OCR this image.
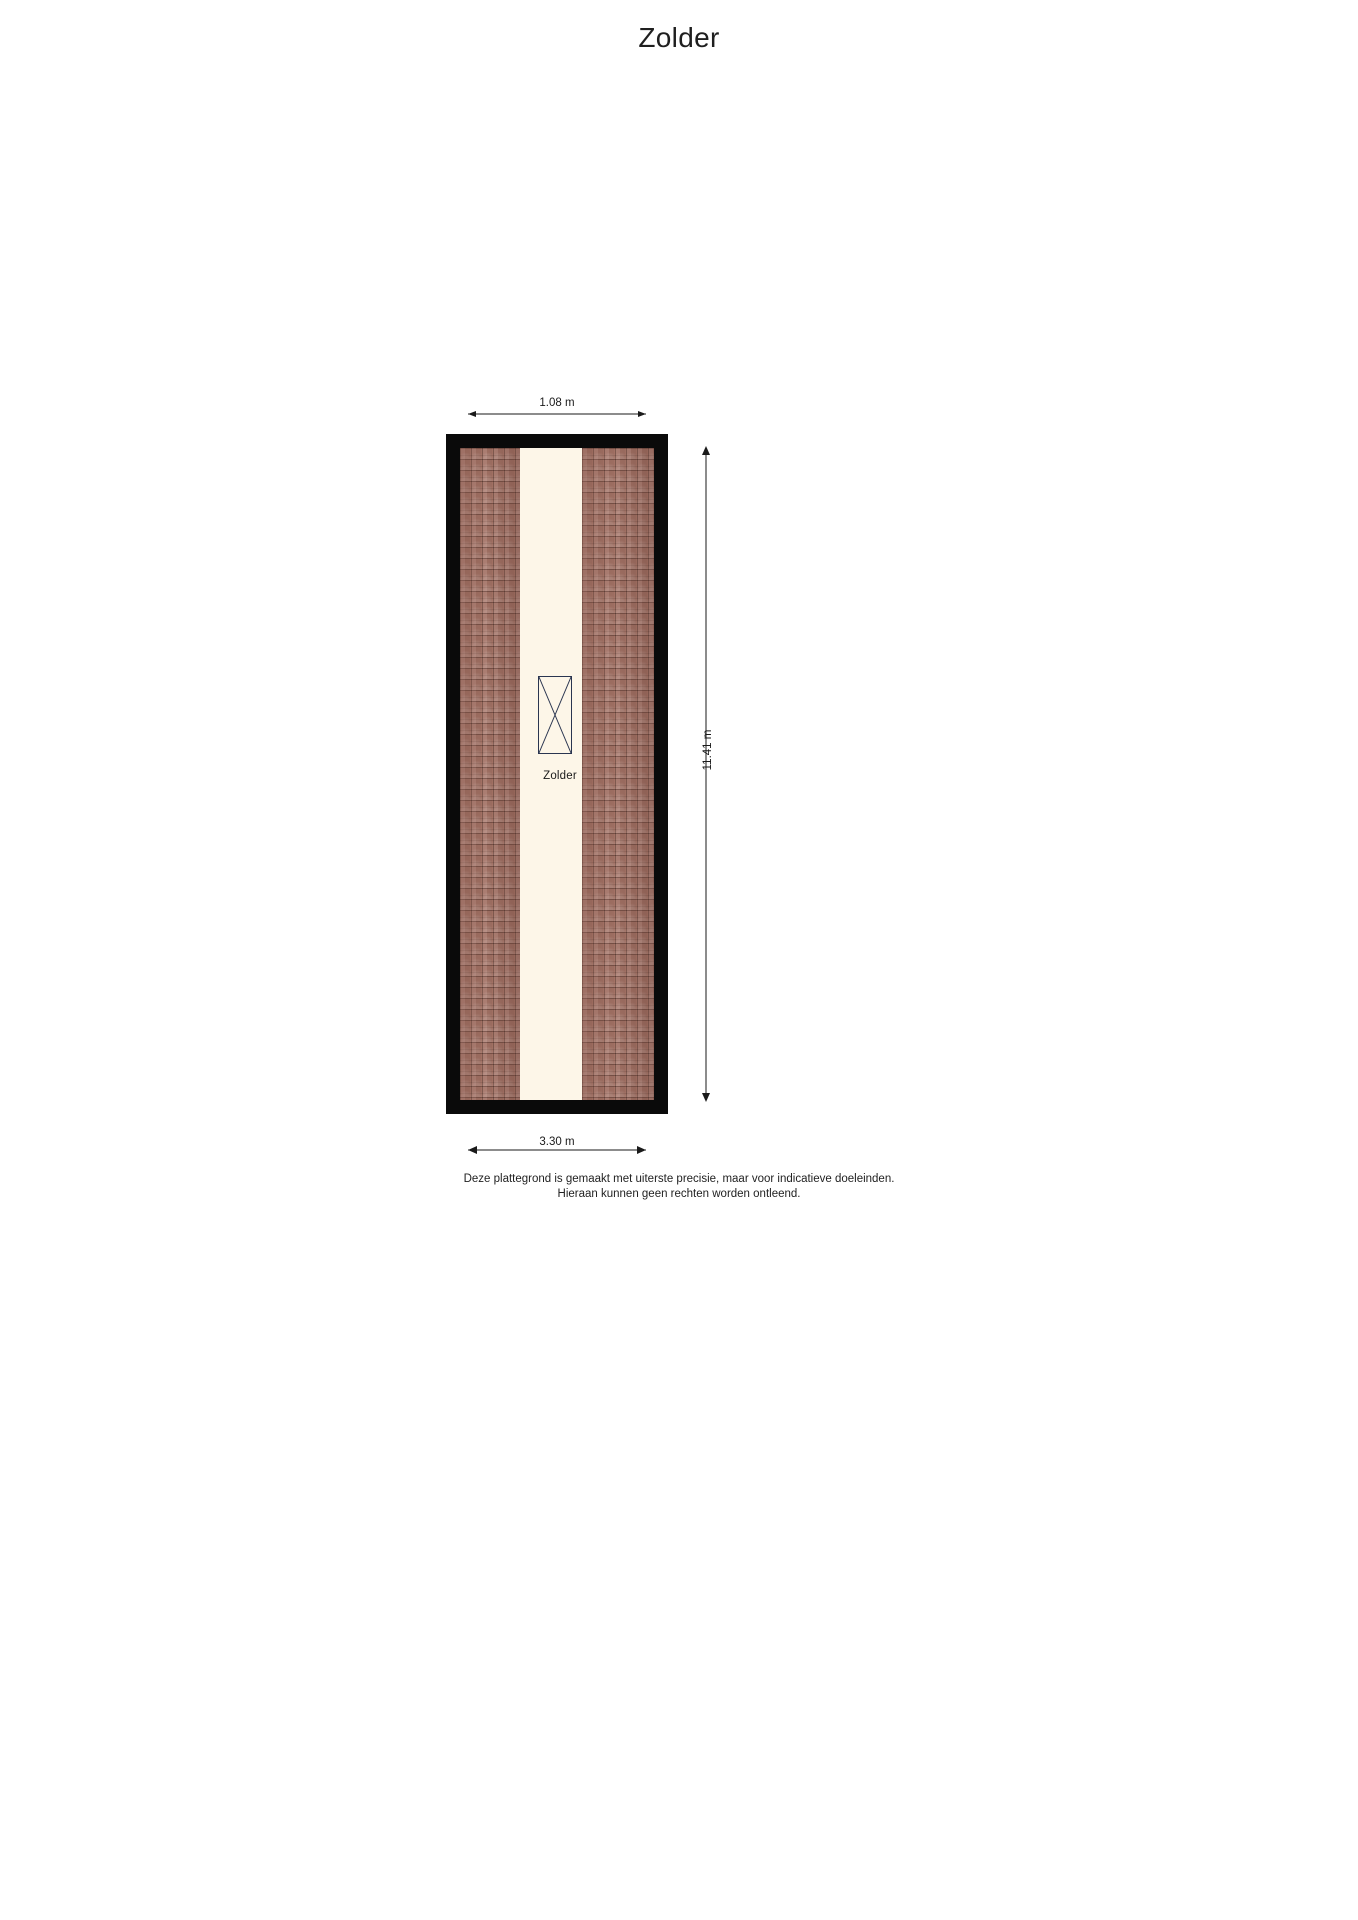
Zolder
1.08 m
Zolder
11.41 m
3.30 m
Deze plattegrond is gemaakt met uiterste precisie, maar voor indicatieve doeleinden.
Hieraan kunnen geen rechten worden ontleend.
